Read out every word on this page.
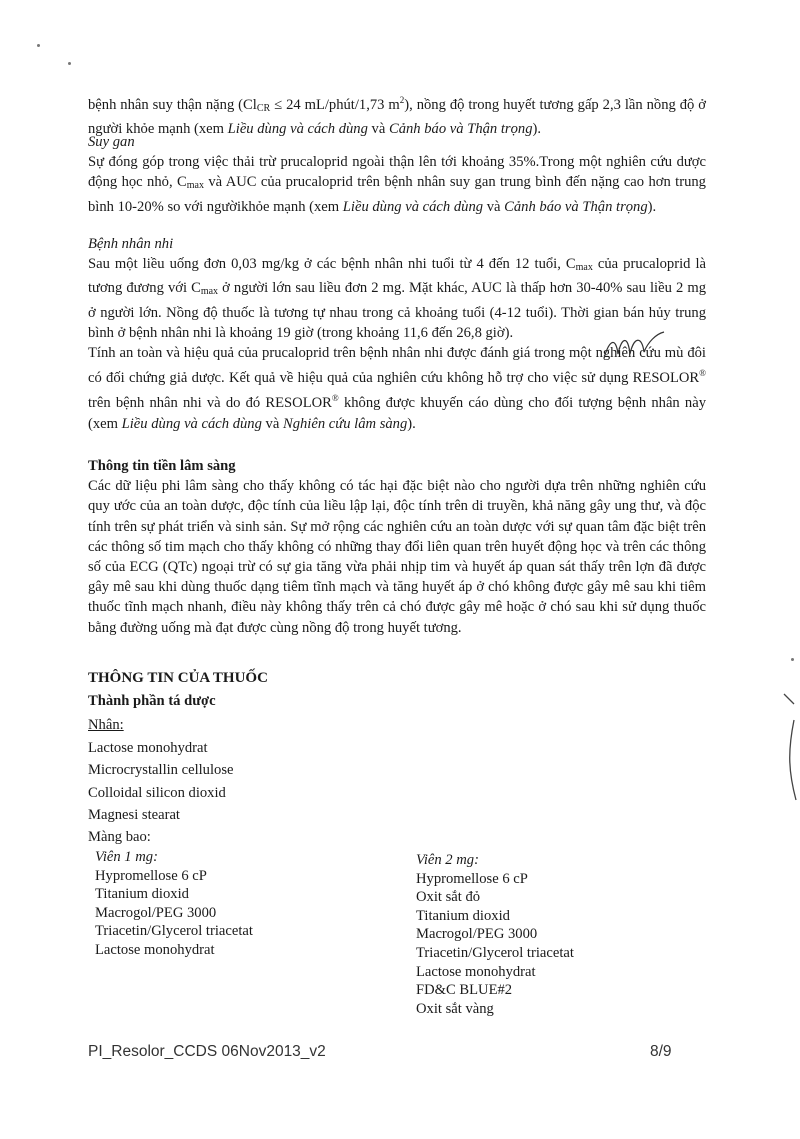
bệnh nhân suy thận nặng ($Cl_{CR} \le 24$ mL/phút/1,73 $m^2$), nồng độ trong huyết tương gấp 2,3 lần nồng độ ở người khỏe mạnh (xem Liều dùng và cách dùng và Cảnh báo và Thận trọng).

Suy gan

Sự đóng góp trong việc thải trừ prucaloprid ngoài thận lên tới khoảng 35%.Trong một nghiên cứu dược động học nhỏ, $C_{max}$ và AUC của prucaloprid trên bệnh nhân suy gan trung bình đến nặng cao hơn trung bình 10-20% so với ngườikhỏe mạnh (xem Liều dùng và cách dùng và Cảnh báo và Thận trọng).

Bệnh nhân nhi

Sau một liều uống đơn 0,03 mg/kg ở các bệnh nhân nhi tuổi từ 4 đến 12 tuổi, $C_{max}$ của prucaloprid là tương đương với $C_{max}$ ở người lớn sau liều đơn 2 mg. Mặt khác, AUC là thấp hơn 30-40% sau liều 2 mg ở người lớn. Nồng độ thuốc là tương tự nhau trong cả khoảng tuổi (4-12 tuổi). Thời gian bán hủy trung bình ở bệnh nhân nhi là khoảng 19 giờ (trong khoảng 11,6 đến 26,8 giờ).

Tính an toàn và hiệu quả của prucaloprid trên bệnh nhân nhi được đánh giá trong một nghiên cứu mù đôi có đối chứng giả dược. Kết quả về hiệu quả của nghiên cứu không hỗ trợ cho việc sử dụng RESOLOR® trên bệnh nhân nhi và do đó RESOLOR® không được khuyến cáo dùng cho đối tượng bệnh nhân này (xem Liều dùng và cách dùng và Nghiên cứu lâm sàng).

Thông tin tiền lâm sàng

Các dữ liệu phi lâm sàng cho thấy không có tác hại đặc biệt nào cho người dựa trên những nghiên cứu quy ước của an toàn dược, độc tính của liều lập lại, độc tính trên di truyền, khả năng gây ung thư, và độc tính trên sự phát triển và sinh sản. Sự mở rộng các nghiên cứu an toàn dược với sự quan tâm đặc biệt trên các thông số tim mạch cho thấy không có những thay đổi liên quan trên huyết động học và trên các thông số của ECG (QTc) ngoại trừ có sự gia tăng vừa phải nhịp tim và huyết áp quan sát thấy trên lợn đã được gây mê sau khi dùng thuốc dạng tiêm tĩnh mạch và tăng huyết áp ở chó không được gây mê sau khi tiêm thuốc tĩnh mạch nhanh, điều này không thấy trên cả chó được gây mê hoặc ở chó sau khi sử dụng thuốc bằng đường uống mà đạt được cùng nồng độ trong huyết tương.

THÔNG TIN CỦA THUỐC
Thành phần tá dược
Nhân:
Lactose monohydrat
Microcrystallin cellulose
Colloidal silicon dioxid
Magnesi stearat
Màng bao:
Viên 1 mg:
Hypromellose 6 cP
Titanium dioxid
Macrogol/PEG 3000
Triacetin/Glycerol triacetat
Lactose monohydrat
Viên 2 mg:
Hypromellose 6 cP
Oxit sắt đỏ
Titanium dioxid
Macrogol/PEG 3000
Triacetin/Glycerol triacetat
Lactose monohydrat
FD&C BLUE#2
Oxit sắt vàng
PI_Resolor_CCDS 06Nov2013_v2	8/9
